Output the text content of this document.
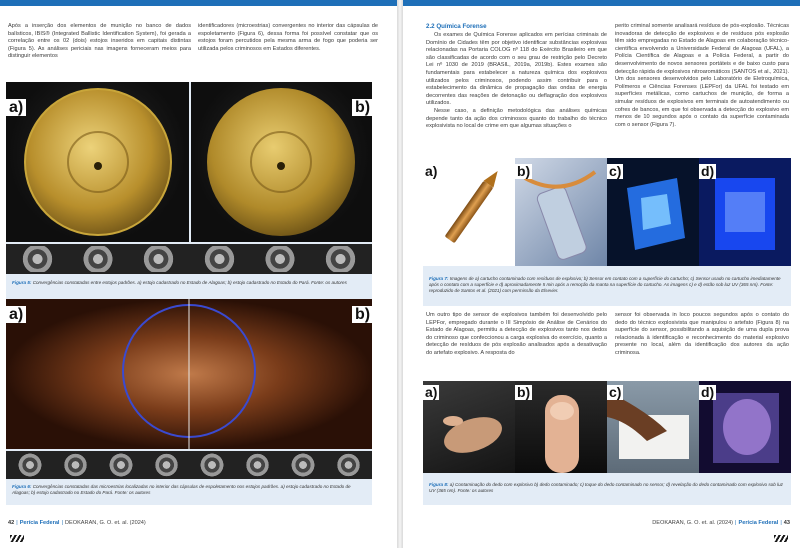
Após a inserção dos elementos de munição no banco de dados balísticos, IBIS® (Integrated Ballistic Identification System), foi gerada a correlação entre os 02 (dois) estojos inseridos em capitais distintas (Figura 5). As análises periciais nas imagens forneceram meios para distinguir elementos
identificadores (microestrias) convergentes no interior das cápsulas de espoletamento (Figura 6), dessa forma foi possível constatar que os estojos foram percutidos pela mesma arma de fogo que poderia ser utilizada pelos criminosos em Estados diferentes.
a)	b)
Figura 5: Convergências constatadas entre estojos padrões. a) estojo cadastrado no Estado de Alagoas; b) estojo cadastrado no Estado do Pará. Fonte: os autores
a)	b)
Figura 6: Convergências constatadas das microestrias localizadas no interior das cápsulas de espoletamento nos estojos padrões. a) estojo cadastrado no Estado de Alagoas; b) estojo cadastrado no Estado do Pará. Fonte: os autores
42 | Perícia Federal | DEOKARAN, G. O. et. al. (2024)
2.2 Química Forense

Os exames de Química Forense aplicados em perícias criminais de Domínio de Cidades têm por objetivo identificar substâncias explosivas relacionadas na Portaria COLOG nº 118 do Exército Brasileiro em que são classificadas de acordo com o seu grau de restrição pelo Decreto Lei nº 1030 de 2019 (BRASIL, 2019a, 2019b). Estes exames são fundamentais para estabelecer a natureza química dos explosivos utilizados pelos criminosos, podendo assim contribuir para o estabelecimento da dinâmica de propagação das ondas de energia decorrentes das reações de detonação ou deflagração dos explosivos utilizados.

Nesse caso, a definição metodológica das análises químicas depende tanto da ação dos criminosos quanto do trabalho do técnico explosivista no local de crime em que algumas situações o

perito criminal somente analisará resíduos de pós-explosão. Técnicas inovadoras de detecção de explosivos e de resíduos pós explosão têm sido empregadas no Estado de Alagoas em colaboração técnico-científica envolvendo a Universidade Federal de Alagoas (UFAL), a Polícia Científica de Alagoas e a Polícia Federal, a partir do desenvolvimento de novos sensores portáteis e de baixo custo para detecção rápida de explosivos nitroaromáticos (SANTOS et al., 2021). Um dos sensores desenvolvidos pelo Laboratório de Eletroquímica, Polímeros e Ciências Forenses (LEPFor) da UFAL foi testado em superfícies metálicas, como cartuchos de munição, de forma a simular resíduos de explosivos em terminais de autoatendimento ou cofres de bancos, em que foi observada a detecção do explosivo em menos de 10 segundos após o contato da superfície contaminada com o sensor (Figura 7).
a)	b)	c)	d)
Figura 7: Imagens de a) cartucho contaminado com resíduos de explosivo; b) Sensor em contato com a superfície do cartucho; c) Sensor usado no cartucho imediatamente após o contato com a superfície e d) aproximadamente 5 min após a remoção da manta na superfície do cartucho. As imagens c) e d) estão sob luz UV (365 nm). Fonte: reproduzido de Santos et al. (2021) com permissão da Elsevier.
Um outro tipo de sensor de explosivos também foi desenvolvido pelo LEPFor, empregado durante o III Simpósio de Análise de Cenários do Estado de Alagoas, permitiu a detecção de explosivos tanto nos dedos do criminoso que confeccionou a carga explosiva do exercício, quanto a detecção de resíduos de pós explosão analisados após a desativação do artefato explosivo. A resposta do
sensor foi observada in loco poucos segundos após o contato do dedo do técnico explosivista que manipulou o artefato (Figura 8) na superfície do sensor, possibilitando a aquisição de uma dupla prova relacionada à identificação e reconhecimento do material explosivo presente no local, além da identificação dos autores da ação criminosa.
a)	b)	c)	d)
Figura 8: a) Contaminação do dedo com explosivo b) dedo contaminado; c) toque do dedo contaminado no sensor; d) revelação do dedo contaminado com explosivo sob luz UV (365 nm). Fonte: os autores
DEOKARAN, G. O. et. al. (2024) | Perícia Federal | 43
